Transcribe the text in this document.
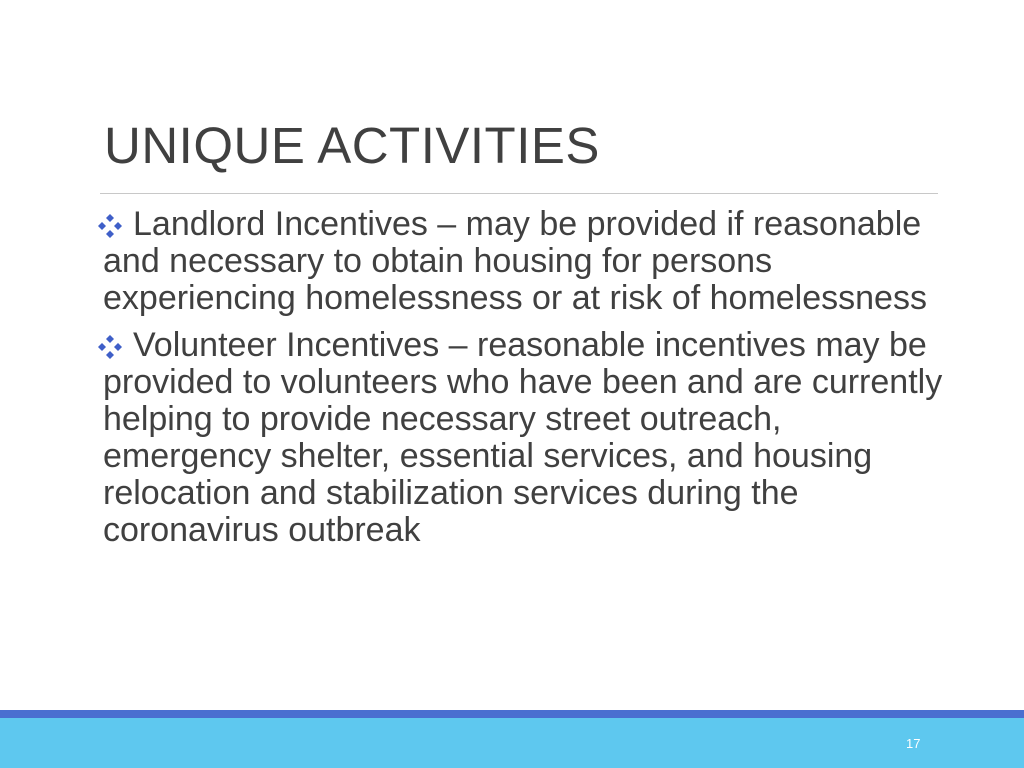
UNIQUE ACTIVITIES
Landlord Incentives – may be provided if reasonable and necessary to obtain housing for persons experiencing homelessness or at risk of homelessness
Volunteer Incentives – reasonable incentives may be provided to volunteers who have been and are currently helping to provide necessary street outreach, emergency shelter, essential services, and housing relocation and stabilization services during the coronavirus outbreak
17
